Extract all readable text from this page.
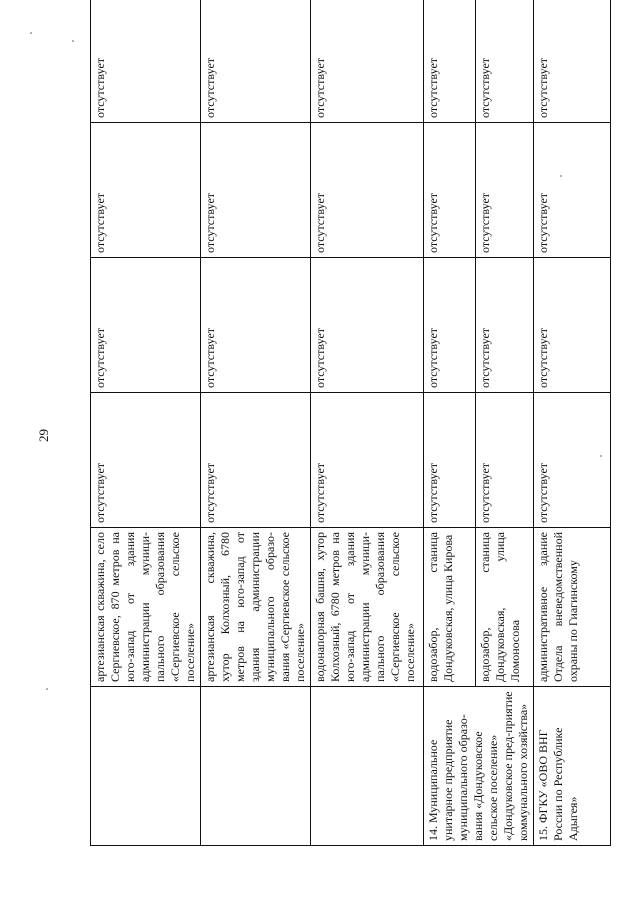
29
	артезианская скважина, село Сергиевское, 870 метров на юго-запад от здания администрации муници-пального образования «Сергиевское сельское поселение»	отсутствует	отсутствует	отсутствует	отсутствует
	артезианская скважина, хутор Колхозный, 6780 метров на юго-запад от здания администрации муниципального образо-вания «Сергиевское сельское поселение»	отсутствует	отсутствует	отсутствует	отсутствует
	водонапорная башня, хутор Колхозный, 6780 метров на юго-запад от здания администрации муници-пального образования «Сергиевское сельское поселение»	отсутствует	отсутствует	отсутствует	отсутствует
14. Муниципальное унитарное предприятие муниципального образо-вания «Дондуковское сельское поселение» «Дондуковское пред-приятие коммунального хозяйства»	водозабор, станица Дондуковская, улица Кирова	отсутствует	отсутствует	отсутствует	отсутствует
	водозабор, станица Дондуковская, улица Ломоносова	отсутствует	отсутствует	отсутствует	отсутствует
15. ФГКУ «ОВО ВНГ России по Республике Адыгея»	административное здание Отдела вневедомственной охраны по Гиагинскому	отсутствует	отсутствует	отсутствует	отсутствует
